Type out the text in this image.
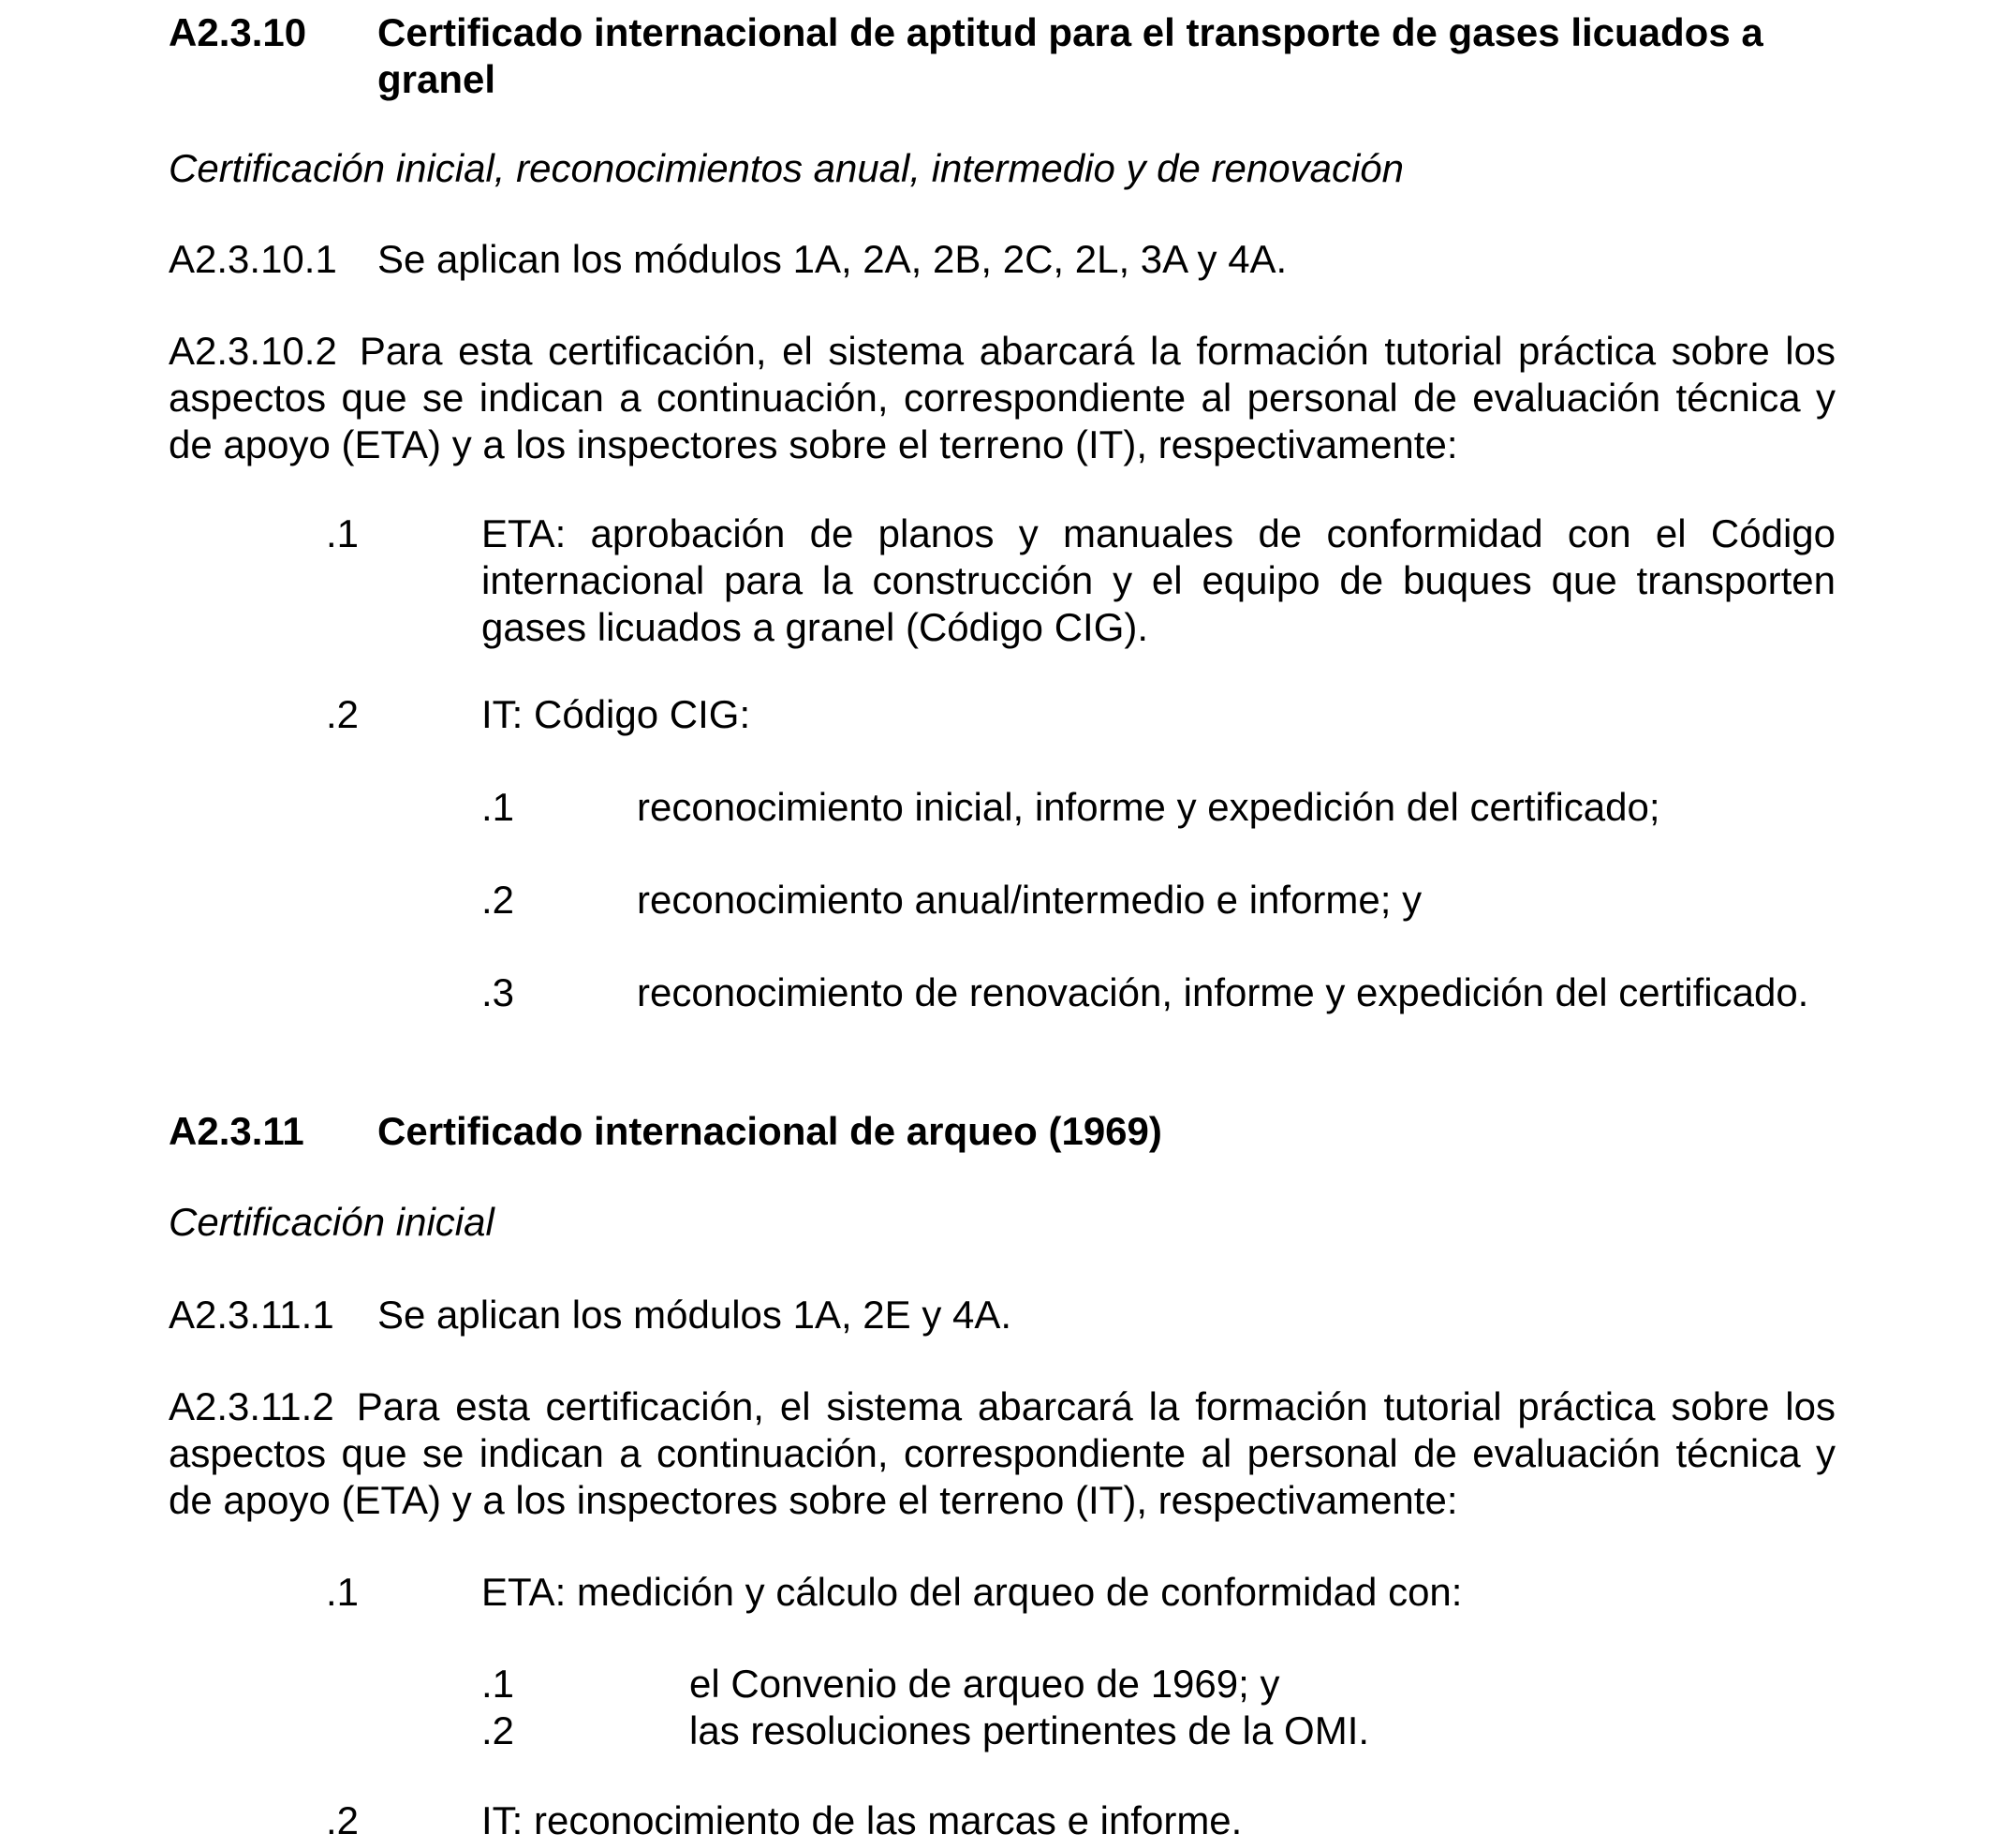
A2.3.10 Certificado internacional de aptitud para el transporte de gases licuados a granel

Certificación inicial, reconocimientos anual, intermedio y de renovación

A2.3.10.1 Se aplican los módulos 1A, 2A, 2B, 2C, 2L, 3A y 4A.

A2.3.10.2 Para esta certificación, el sistema abarcará la formación tutorial práctica sobre los aspectos que se indican a continuación, correspondiente al personal de evaluación técnica y de apoyo (ETA) y a los inspectores sobre el terreno (IT), respectivamente:

.1	ETA: aprobación de planos y manuales de conformidad con el Código internacional para la construcción y el equipo de buques que transporten gases licuados a granel (Código CIG).
.2	IT: Código CIG:
.1	reconocimiento inicial, informe y expedición del certificado;
.2	reconocimiento anual/intermedio e informe; y
.3	reconocimiento de renovación, informe y expedición del certificado.
A2.3.11 Certificado internacional de arqueo (1969)

Certificación inicial

A2.3.11.1 Se aplican los módulos 1A, 2E y 4A.

A2.3.11.2 Para esta certificación, el sistema abarcará la formación tutorial práctica sobre los aspectos que se indican a continuación, correspondiente al personal de evaluación técnica y de apoyo (ETA) y a los inspectores sobre el terreno (IT), respectivamente:

.1	ETA: medición y cálculo del arqueo de conformidad con:
.1	el Convenio de arqueo de 1969; y
.2	las resoluciones pertinentes de la OMI.
.2	IT: reconocimiento de las marcas e informe.
